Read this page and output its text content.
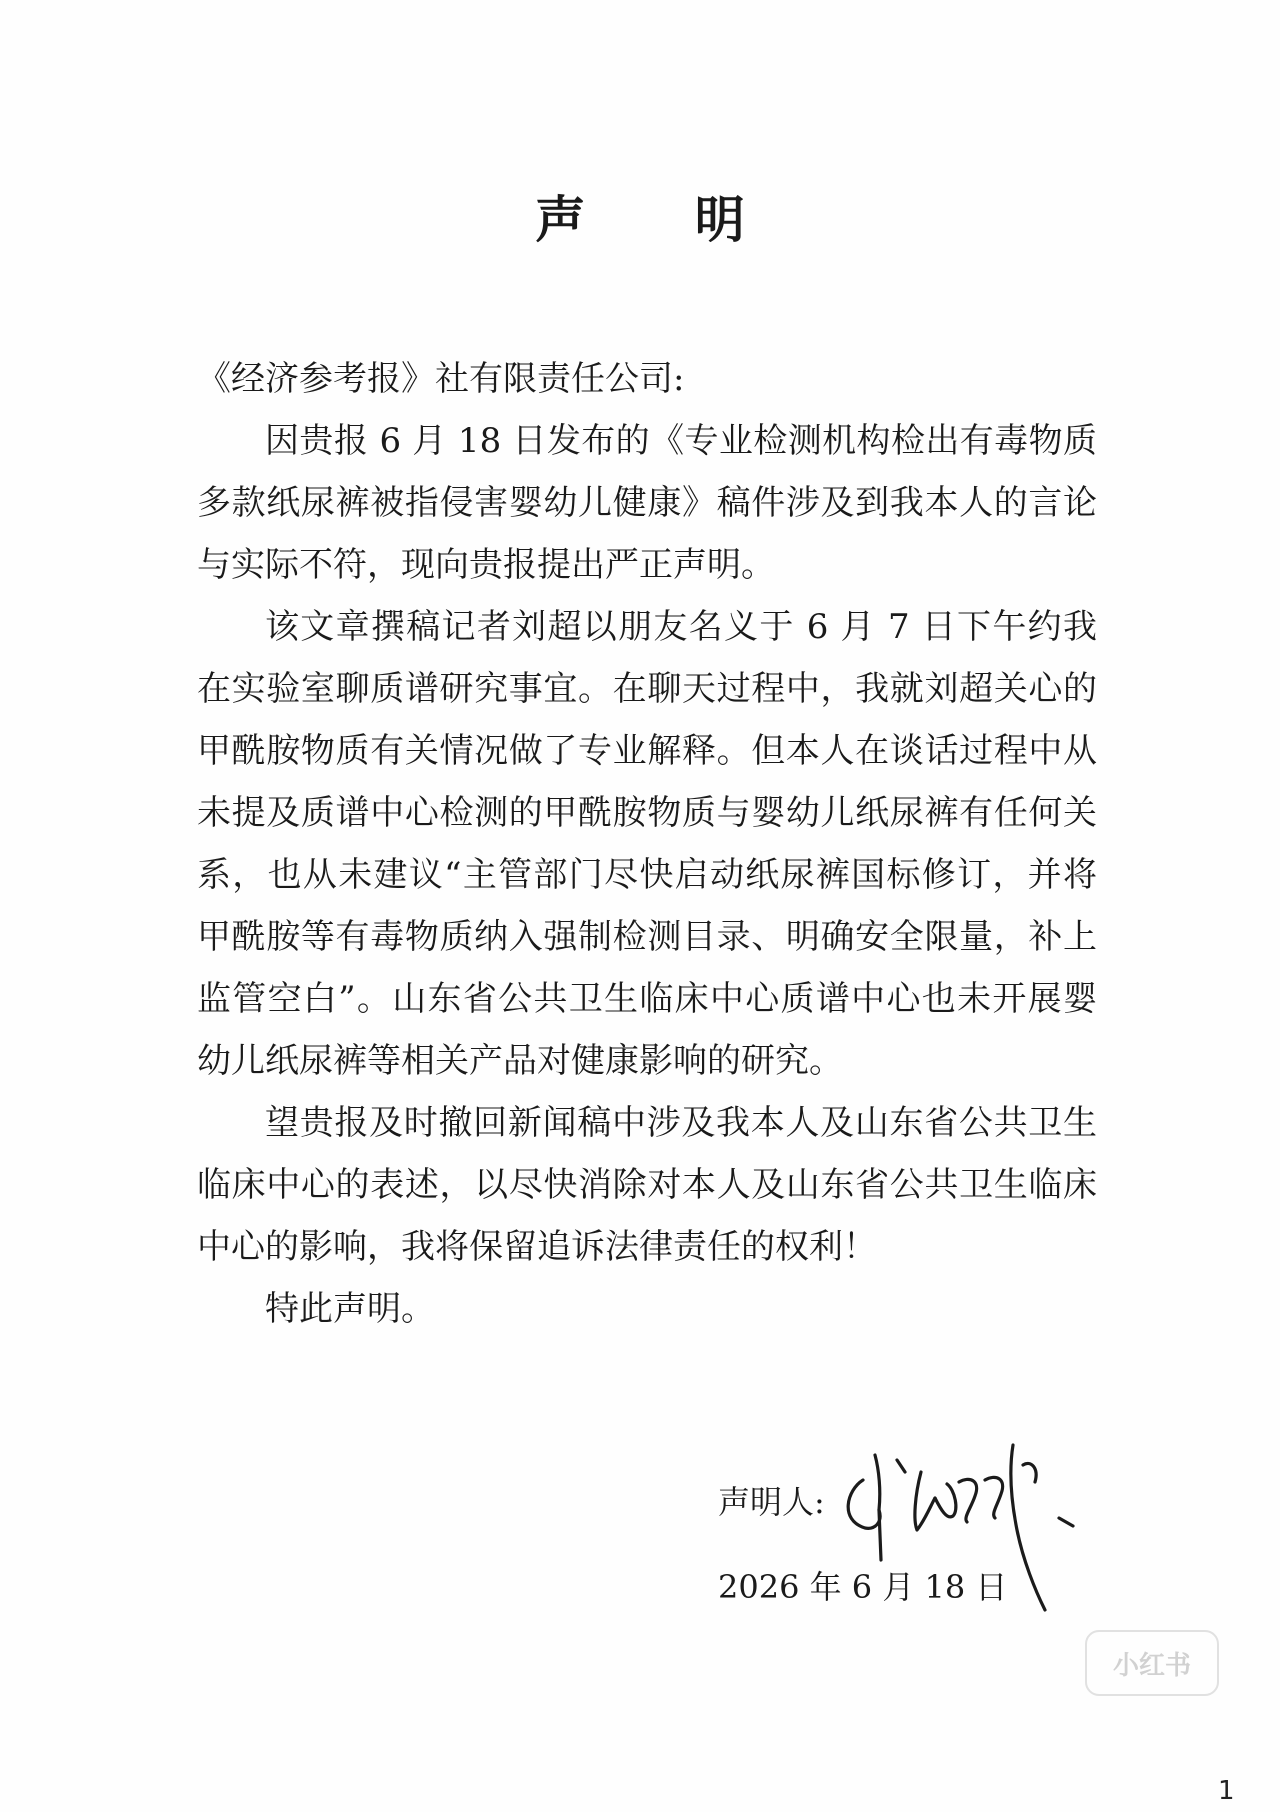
声 明

《经济参考报》社有限责任公司:

因贵报 6 月 18 日发布的《专业检测机构检出有毒物质多款纸尿裤被指侵害婴幼儿健康》稿件涉及到我本人的言论与实际不符，现向贵报提出严正声明。

该文章撰稿记者刘超以朋友名义于 6 月 7 日下午约我在实验室聊质谱研究事宜。在聊天过程中，我就刘超关心的甲酰胺物质有关情况做了专业解释。但本人在谈话过程中从未提及质谱中心检测的甲酰胺物质与婴幼儿纸尿裤有任何关系，也从未建议“主管部门尽快启动纸尿裤国标修订，并将甲酰胺等有毒物质纳入强制检测目录、明确安全限量，补上监管空白”。山东省公共卫生临床中心质谱中心也未开展婴幼儿纸尿裤等相关产品对健康影响的研究。

望贵报及时撤回新闻稿中涉及我本人及山东省公共卫生临床中心的表述，以尽快消除对本人及山东省公共卫生临床中心的影响，我将保留追诉法律责任的权利！

特此声明。

声明人:
2026 年 6 月 18 日
小红书
1
